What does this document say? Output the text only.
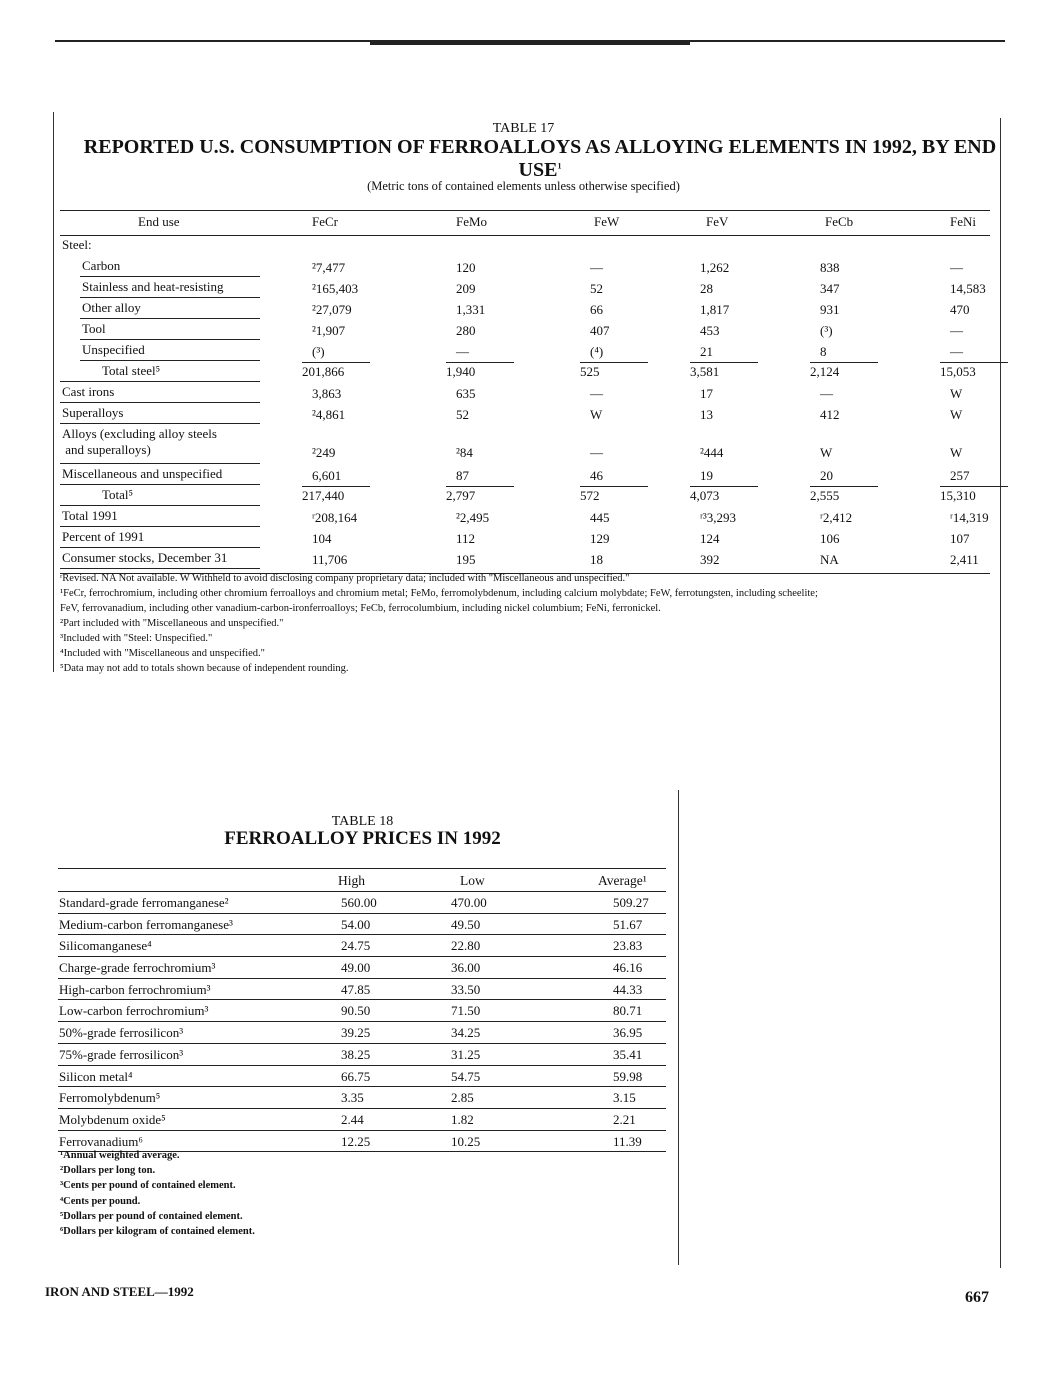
TABLE 17
REPORTED U.S. CONSUMPTION OF FERROALLOYS AS ALLOYING ELEMENTS IN 1992, BY END USE$^1$
(Metric tons of contained elements unless otherwise specified)
End use	FeCr	FeMo	FeW	FeV	FeCb	FeNi
Steel:
Carbon	²7,477	120	—	1,262	838	—
Stainless and heat-resisting	²165,403	209	52	28	347	14,583
Other alloy	²27,079	1,331	66	1,817	931	470
Tool	²1,907	280	407	453	(³)	—
Unspecified	(³)	—	(⁴)	21	8	—
Total steel⁵	201,866	1,940	525	3,581	2,124	15,053
Cast irons	3,863	635	—	17	—	W
Superalloys	²4,861	52	W	13	412	W
Alloys (excluding alloy steels
and superalloys)	²249	²84	—	²444	W	W
Miscellaneous and unspecified	6,601	87	46	19	20	257
Total⁵	217,440	2,797	572	4,073	2,555	15,310
Total 1991	ʳ208,164	²2,495	445	ʳ³3,293	ʳ2,412	ʳ14,319
Percent of 1991	104	112	129	124	106	107
Consumer stocks, December 31	11,706	195	18	392	NA	2,411
ʳRevised. NA Not available. W Withheld to avoid disclosing company proprietary data; included with "Miscellaneous and unspecified."
¹FeCr, ferrochromium, including other chromium ferroalloys and chromium metal; FeMo, ferromolybdenum, including calcium molybdate; FeW, ferrotungsten, including scheelite;
FeV, ferrovanadium, including other vanadium-carbon-ironferroalloys; FeCb, ferrocolumbium, including nickel columbium; FeNi, ferronickel.
²Part included with "Miscellaneous and unspecified."
³Included with "Steel: Unspecified."
⁴Included with "Miscellaneous and unspecified."
⁵Data may not add to totals shown because of independent rounding.
TABLE 18
FERROALLOY PRICES IN 1992
High	Low	Average¹
Standard-grade ferromanganese²	560.00	470.00	509.27
Medium-carbon ferromanganese³	54.00	49.50	51.67
Silicomanganese⁴	24.75	22.80	23.83
Charge-grade ferrochromium³	49.00	36.00	46.16
High-carbon ferrochromium³	47.85	33.50	44.33
Low-carbon ferrochromium³	90.50	71.50	80.71
50%-grade ferrosilicon³	39.25	34.25	36.95
75%-grade ferrosilicon³	38.25	31.25	35.41
Silicon metal⁴	66.75	54.75	59.98
Ferromolybdenum⁵	3.35	2.85	3.15
Molybdenum oxide⁵	2.44	1.82	2.21
Ferrovanadium⁶	12.25	10.25	11.39
¹Annual weighted average.
²Dollars per long ton.
³Cents per pound of contained element.
⁴Cents per pound.
⁵Dollars per pound of contained element.
⁶Dollars per kilogram of contained element.
IRON AND STEEL—1992	667
